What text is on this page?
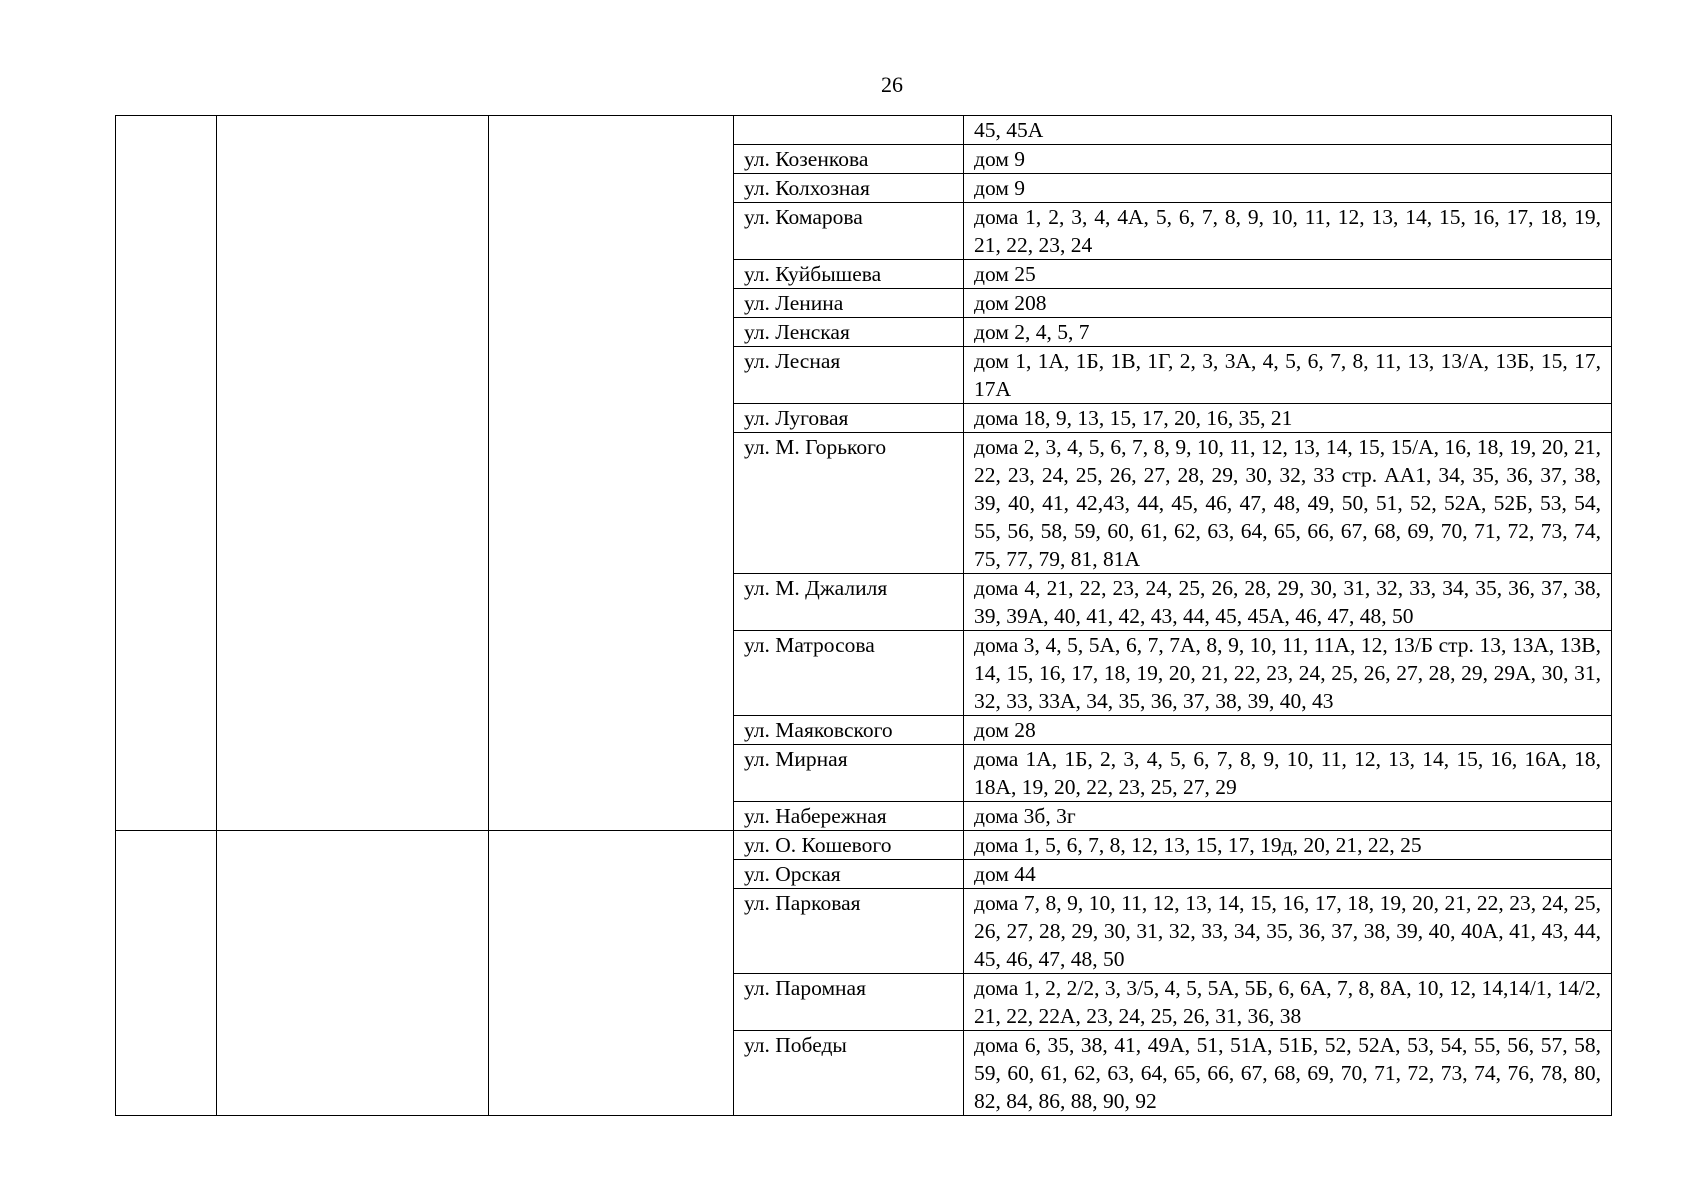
26
				45, 45А
			ул. Козенкова	дом 9
			ул. Колхозная	дом 9
			ул. Комарова	дома 1, 2, 3, 4, 4А, 5, 6, 7, 8, 9, 10, 11, 12, 13, 14, 15, 16, 17, 18, 19, 21, 22, 23, 24
			ул. Куйбышева	дом 25
			ул. Ленина	дом 208
			ул. Ленская	дом 2, 4, 5, 7
			ул. Лесная	дом 1, 1А, 1Б, 1В, 1Г, 2, 3, 3А, 4, 5, 6, 7, 8, 11, 13, 13/А, 13Б, 15, 17, 17А
			ул. Луговая	дома 18, 9, 13, 15, 17, 20, 16, 35, 21
			ул. М. Горького	дома 2, 3, 4, 5, 6, 7, 8, 9, 10, 11, 12, 13, 14, 15, 15/А, 16, 18, 19, 20, 21, 22, 23, 24, 25, 26, 27, 28, 29, 30, 32, 33 стр. АА1, 34, 35, 36, 37, 38, 39, 40, 41, 42,43, 44, 45, 46, 47, 48, 49, 50, 51, 52, 52А, 52Б, 53, 54, 55, 56, 58, 59, 60, 61, 62, 63, 64, 65, 66, 67, 68, 69, 70, 71, 72, 73, 74, 75, 77, 79, 81, 81А
			ул. М. Джалиля	дома 4, 21, 22, 23, 24, 25, 26, 28, 29, 30, 31, 32, 33, 34, 35, 36, 37, 38, 39, 39А, 40, 41, 42, 43, 44, 45, 45А, 46, 47, 48, 50
			ул. Матросова	дома 3, 4, 5, 5А, 6, 7, 7А, 8, 9, 10, 11, 11А, 12, 13/Б стр. 13, 13А, 13В, 14, 15, 16, 17, 18, 19, 20, 21, 22, 23, 24, 25, 26, 27, 28, 29, 29А, 30, 31, 32, 33, 33А, 34, 35, 36, 37, 38, 39, 40, 43
			ул. Маяковского	дом 28
			ул. Мирная	дома 1А, 1Б, 2, 3, 4, 5, 6, 7, 8, 9, 10, 11, 12, 13, 14, 15, 16, 16А, 18, 18А, 19, 20, 22, 23, 25, 27, 29
			ул. Набережная	дома 3б, 3г
			ул. О. Кошевого	дома 1, 5, 6, 7, 8, 12, 13, 15, 17, 19д, 20, 21, 22, 25
			ул. Орская	дом 44
			ул. Парковая	дома 7, 8, 9, 10, 11, 12, 13, 14, 15, 16, 17, 18, 19, 20, 21, 22, 23, 24, 25, 26, 27, 28, 29, 30, 31, 32, 33, 34, 35, 36, 37, 38, 39, 40, 40А, 41, 43, 44, 45, 46, 47, 48, 50
			ул. Паромная	дома 1, 2, 2/2, 3, 3/5, 4, 5, 5А, 5Б, 6, 6А, 7, 8, 8А, 10, 12, 14,14/1, 14/2, 21, 22, 22А, 23, 24, 25, 26, 31, 36, 38
			ул. Победы	дома 6, 35, 38, 41, 49А, 51, 51А, 51Б, 52, 52А, 53, 54, 55, 56, 57, 58, 59, 60, 61, 62, 63, 64, 65, 66, 67, 68, 69, 70, 71, 72, 73, 74, 76, 78, 80, 82, 84, 86, 88, 90, 92
